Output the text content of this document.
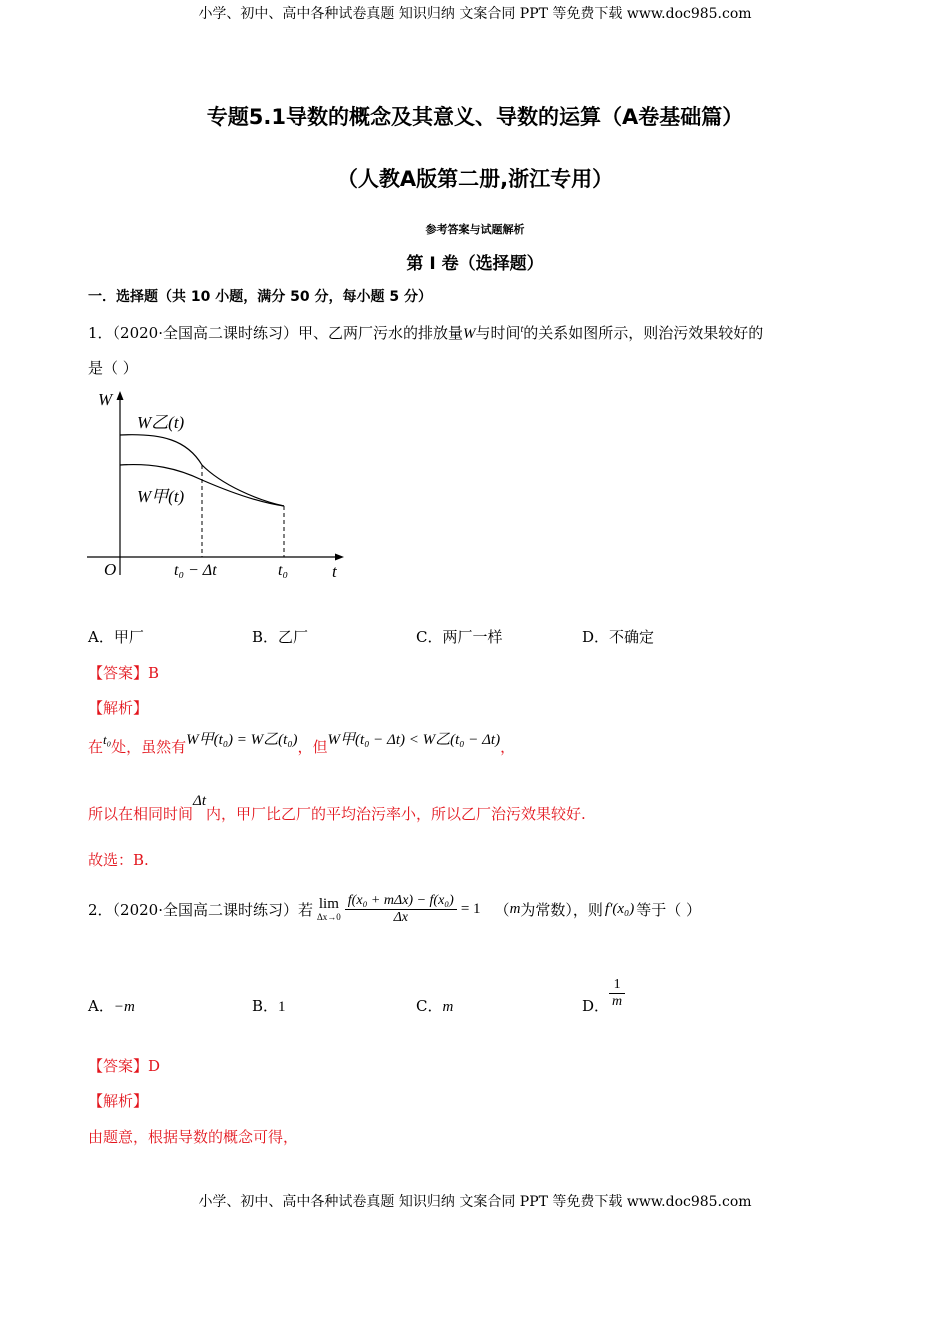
小学、初中、高中各种试卷真题 知识归纳 文案合同 PPT 等免费下载 www.doc985.com
小学、初中、高中各种试卷真题 知识归纳 文案合同 PPT 等免费下载 www.doc985.com
专题5.1导数的概念及其意义、导数的运算（A卷基础篇）
（人教A版第二册,浙江专用）
参考答案与试题解析
第 I 卷（选择题）
一．选择题（共 10 小题，满分 50 分，每小题 5 分）
1．（2020·全国高二课时练习）甲、乙两厂污水的排放量W与时间$^t$的关系如图所示，则治污效果较好的
是（ ）
W
t
O
W乙(t)
W甲(t)
t₀ − Δt	t₀
A．甲厂	B．乙厂	C．两厂一样	D．不确定
【答案】B
【解析】
在t₀处，虽然有W甲(t₀) = W乙(t₀)，但W甲(t₀ − Δt) < W乙(t₀ − Δt)，
所以在相同时间Δt内，甲厂比乙厂的平均治污率小，所以乙厂治污效果较好.
故选：B.
2．（2020·全国高二课时练习）若 lim
$\Delta x\to 0 \frac{\text{f(x₀ + mΔx) − f(x₀)}}{\Delta x} = 1$ （ m 为常数），则 f′(x₀) 等于（ ）
A．−m	B．1	C．m	D． $\frac{1}{m}$
【答案】D
【解析】
由题意，根据导数的概念可得，
